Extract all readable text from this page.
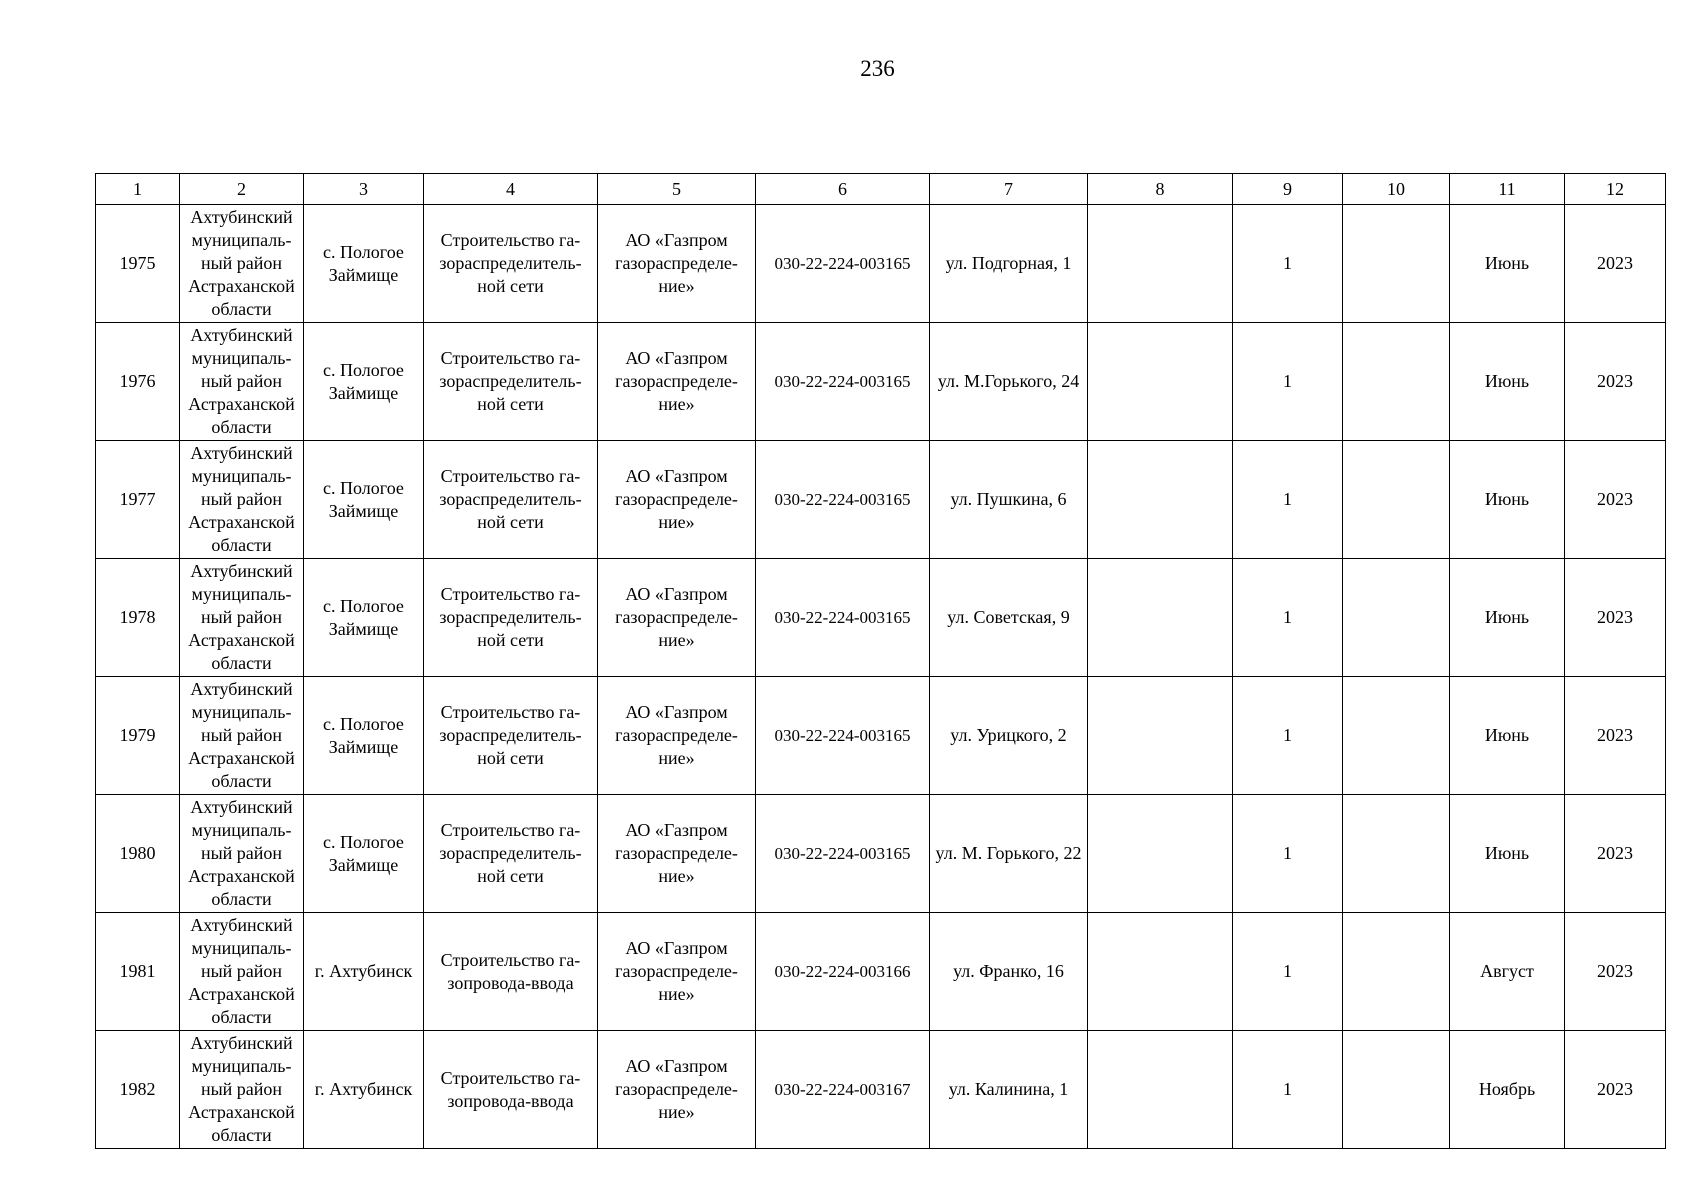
236
1	2	3	4	5	6	7	8	9	10	11	12
1975	Ахтубинский муниципаль-ный район Астраханской области	с. Пологое Займище	Строительство га-зораспределитель-ной сети	АО «Газпром газораспределе-ние»	030-22-224-003165	ул. Подгорная, 1		1		Июнь	2023
1976	Ахтубинский муниципаль-ный район Астраханской области	с. Пологое Займище	Строительство га-зораспределитель-ной сети	АО «Газпром газораспределе-ние»	030-22-224-003165	ул. М.Горького, 24		1		Июнь	2023
1977	Ахтубинский муниципаль-ный район Астраханской области	с. Пологое Займище	Строительство га-зораспределитель-ной сети	АО «Газпром газораспределе-ние»	030-22-224-003165	ул. Пушкина, 6		1		Июнь	2023
1978	Ахтубинский муниципаль-ный район Астраханской области	с. Пологое Займище	Строительство га-зораспределитель-ной сети	АО «Газпром газораспределе-ние»	030-22-224-003165	ул. Советская, 9		1		Июнь	2023
1979	Ахтубинский муниципаль-ный район Астраханской области	с. Пологое Займище	Строительство га-зораспределитель-ной сети	АО «Газпром газораспределе-ние»	030-22-224-003165	ул. Урицкого, 2		1		Июнь	2023
1980	Ахтубинский муниципаль-ный район Астраханской области	с. Пологое Займище	Строительство га-зораспределитель-ной сети	АО «Газпром газораспределе-ние»	030-22-224-003165	ул. М. Горького, 22		1		Июнь	2023
1981	Ахтубинский муниципаль-ный район Астраханской области	г. Ахтубинск	Строительство га-зопровода-ввода	АО «Газпром газораспределе-ние»	030-22-224-003166	ул. Франко, 16		1		Август	2023
1982	Ахтубинский муниципаль-ный район Астраханской области	г. Ахтубинск	Строительство га-зопровода-ввода	АО «Газпром газораспределе-ние»	030-22-224-003167	ул. Калинина, 1		1		Ноябрь	2023
